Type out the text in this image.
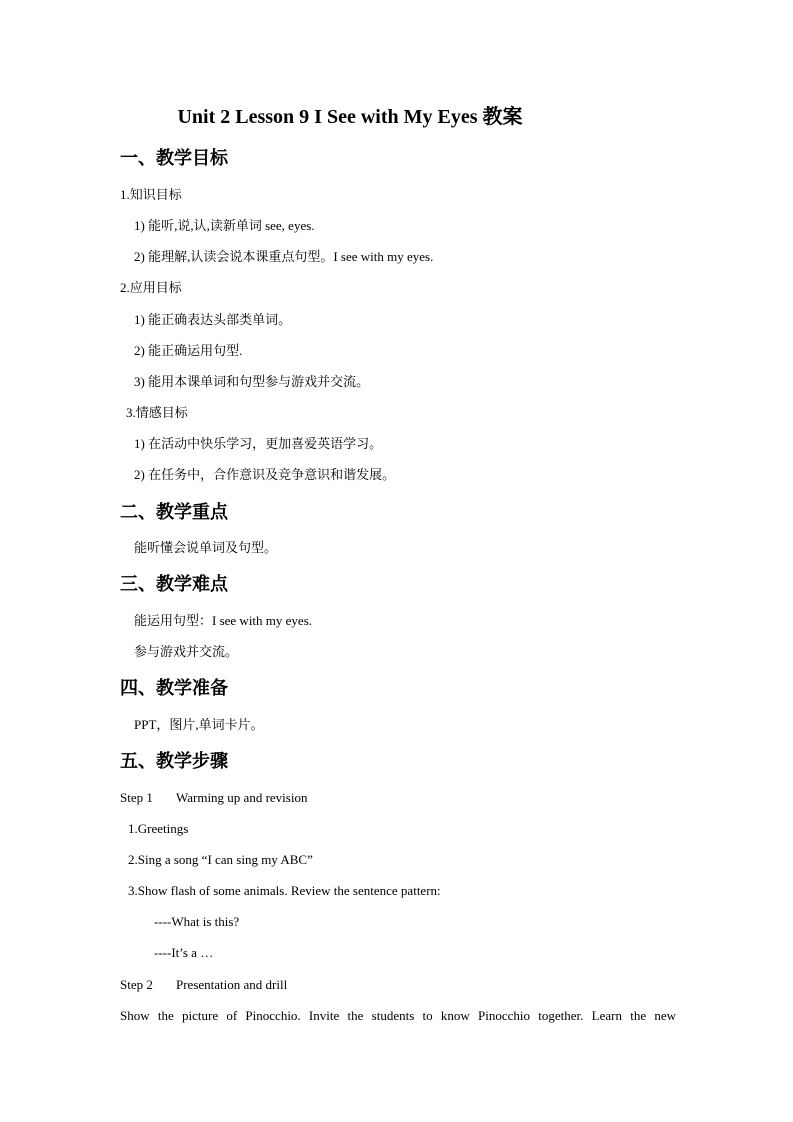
Unit 2 Lesson 9 I See with My Eyes 教案
一、教学目标
1.知识目标
1) 能听,说,认,读新单词 see, eyes.
2) 能理解,认读会说本课重点句型。I see with my eyes.
2.应用目标
1) 能正确表达头部类单词。
2) 能正确运用句型.
3) 能用本课单词和句型参与游戏并交流。
3.情感目标
1) 在活动中快乐学习，更加喜爱英语学习。
2) 在任务中，合作意识及竞争意识和谐发展。
二、教学重点
能听懂会说单词及句型。
三、教学难点
能运用句型：I see with my eyes.
参与游戏并交流。
四、教学准备
PPT，图片,单词卡片。
五、教学步骤
Step 1 Warming up and revision
1.Greetings
2.Sing a song “I can sing my ABC”
3.Show flash of some animals. Review the sentence pattern:
----What is this?
----It’s a …
Step 2 Presentation and drill
Show the picture of Pinocchio. Invite the students to know Pinocchio together. Learn the new
